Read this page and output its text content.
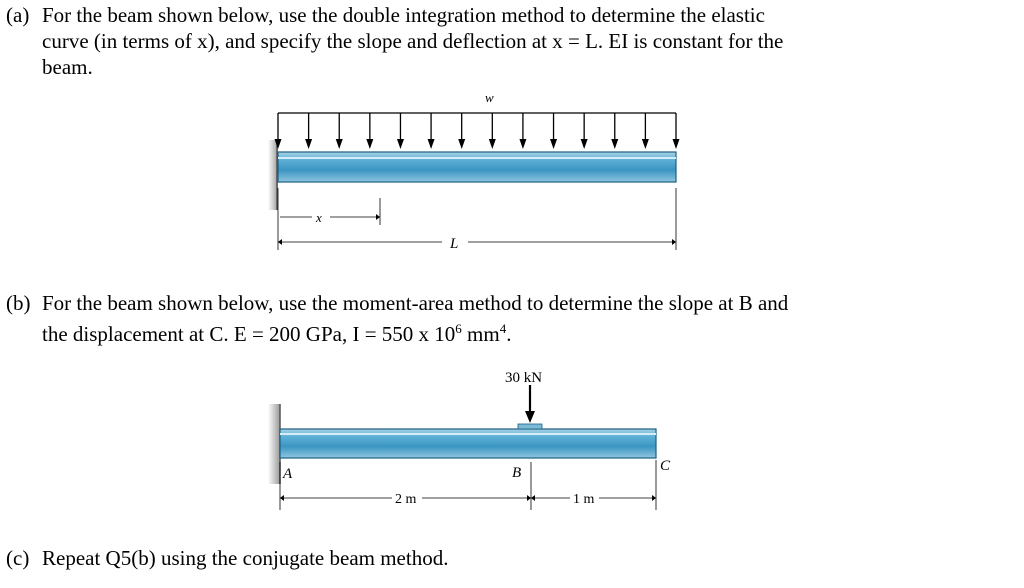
(a) For the beam shown below, use the double integration method to determine the elastic
curve (in terms of x), and specify the slope and deflection at x = L. EI is constant for the
beam.
w
x
L
(b) For the beam shown below, use the moment-area method to determine the slope at B and
the displacement at C. E = 200 GPa, I = 550 x $10^6$ $mm^4$.
30 kN
A	B	C
2 m	1 m
(c) Repeat Q5(b) using the conjugate beam method.
